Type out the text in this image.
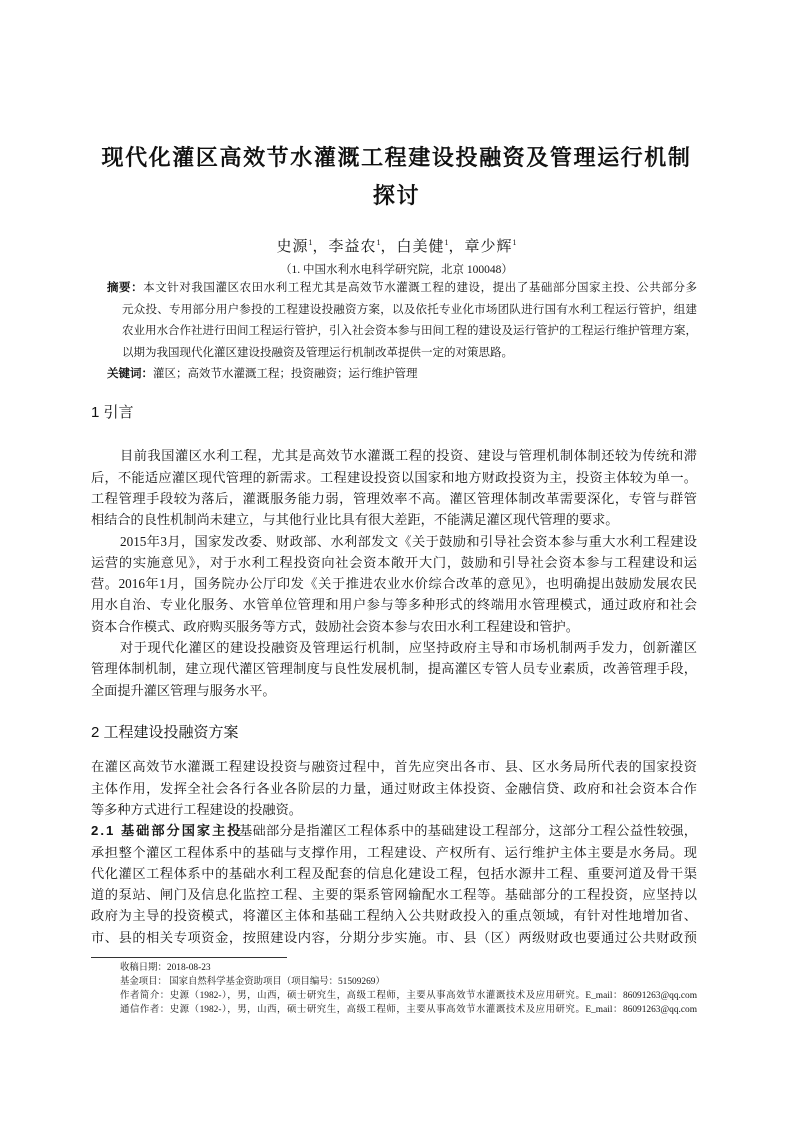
现代化灌区高效节水灌溉工程建设投融资及管理运行机制
探讨
史源$^1$，李益农$^1$，白美健$^1$，章少辉$^1$
（1. 中国水利水电科学研究院，北京 100048）
摘要：本文针对我国灌区农田水利工程尤其是高效节水灌溉工程的建设，提出了基础部分国家主投、公共部分多
元众投、专用部分用户参投的工程建设投融资方案，以及依托专业化市场团队进行国有水利工程运行管护，组建
农业用水合作社进行田间工程运行管护，引入社会资本参与田间工程的建设及运行管护的工程运行维护管理方案，
以期为我国现代化灌区建设投融资及管理运行机制改革提供一定的对策思路。
关键词：灌区；高效节水灌溉工程；投资融资；运行维护管理
1 引言
目前我国灌区水利工程，尤其是高效节水灌溉工程的投资、建设与管理机制体制还较为传统和滞
后，不能适应灌区现代管理的新需求。工程建设投资以国家和地方财政投资为主，投资主体较为单一。
工程管理手段较为落后，灌溉服务能力弱，管理效率不高。灌区管理体制改革需要深化，专管与群管
相结合的良性机制尚未建立，与其他行业比具有很大差距，不能满足灌区现代管理的要求。
2015年3月，国家发改委、财政部、水利部发文《关于鼓励和引导社会资本参与重大水利工程建设
运营的实施意见》，对于水利工程投资向社会资本敞开大门，鼓励和引导社会资本参与工程建设和运
营。2016年1月，国务院办公厅印发《关于推进农业水价综合改革的意见》，也明确提出鼓励发展农民
用水自治、专业化服务、水管单位管理和用户参与等多种形式的终端用水管理模式，通过政府和社会
资本合作模式、政府购买服务等方式，鼓励社会资本参与农田水利工程建设和管护。
对于现代化灌区的建设投融资及管理运行机制，应坚持政府主导和市场机制两手发力，创新灌区
管理体制机制，建立现代灌区管理制度与良性发展机制，提高灌区专管人员专业素质，改善管理手段，
全面提升灌区管理与服务水平。
2 工程建设投融资方案
在灌区高效节水灌溉工程建设投资与融资过程中，首先应突出各市、县、区水务局所代表的国家投资
主体作用，发挥全社会各行各业各阶层的力量，通过财政主体投资、金融信贷、政府和社会资本合作
等多种方式进行工程建设的投融资。
2.1 基础部分国家主投
基础部分是指灌区工程体系中的基础建设工程部分，这部分工程公益性较强，
承担整个灌区工程体系中的基础与支撑作用，工程建设、产权所有、运行维护主体主要是水务局。现
代化灌区工程体系中的基础水利工程及配套的信息化建设工程，包括水源井工程、重要河道及骨干渠
道的泵站、闸门及信息化监控工程、主要的渠系管网输配水工程等。基础部分的工程投资，应坚持以
政府为主导的投资模式，将灌区主体和基础工程纳入公共财政投入的重点领域，有针对性地增加省、
市、县的相关专项资金，按照建设内容，分期分步实施。市、县（区）两级财政也要通过公共财政预
收稿日期：2018-08-23
基金项目： 国家自然科学基金资助项目（项目编号：51509269）
作者简介：史源（1982-），男，山西，硕士研究生，高级工程师，主要从事高效节水灌溉技术及应用研究。E_mail：86091263@qq.com
通信作者：史源（1982-），男，山西，硕士研究生，高级工程师，主要从事高效节水灌溉技术及应用研究。E_mail：86091263@qq.com
